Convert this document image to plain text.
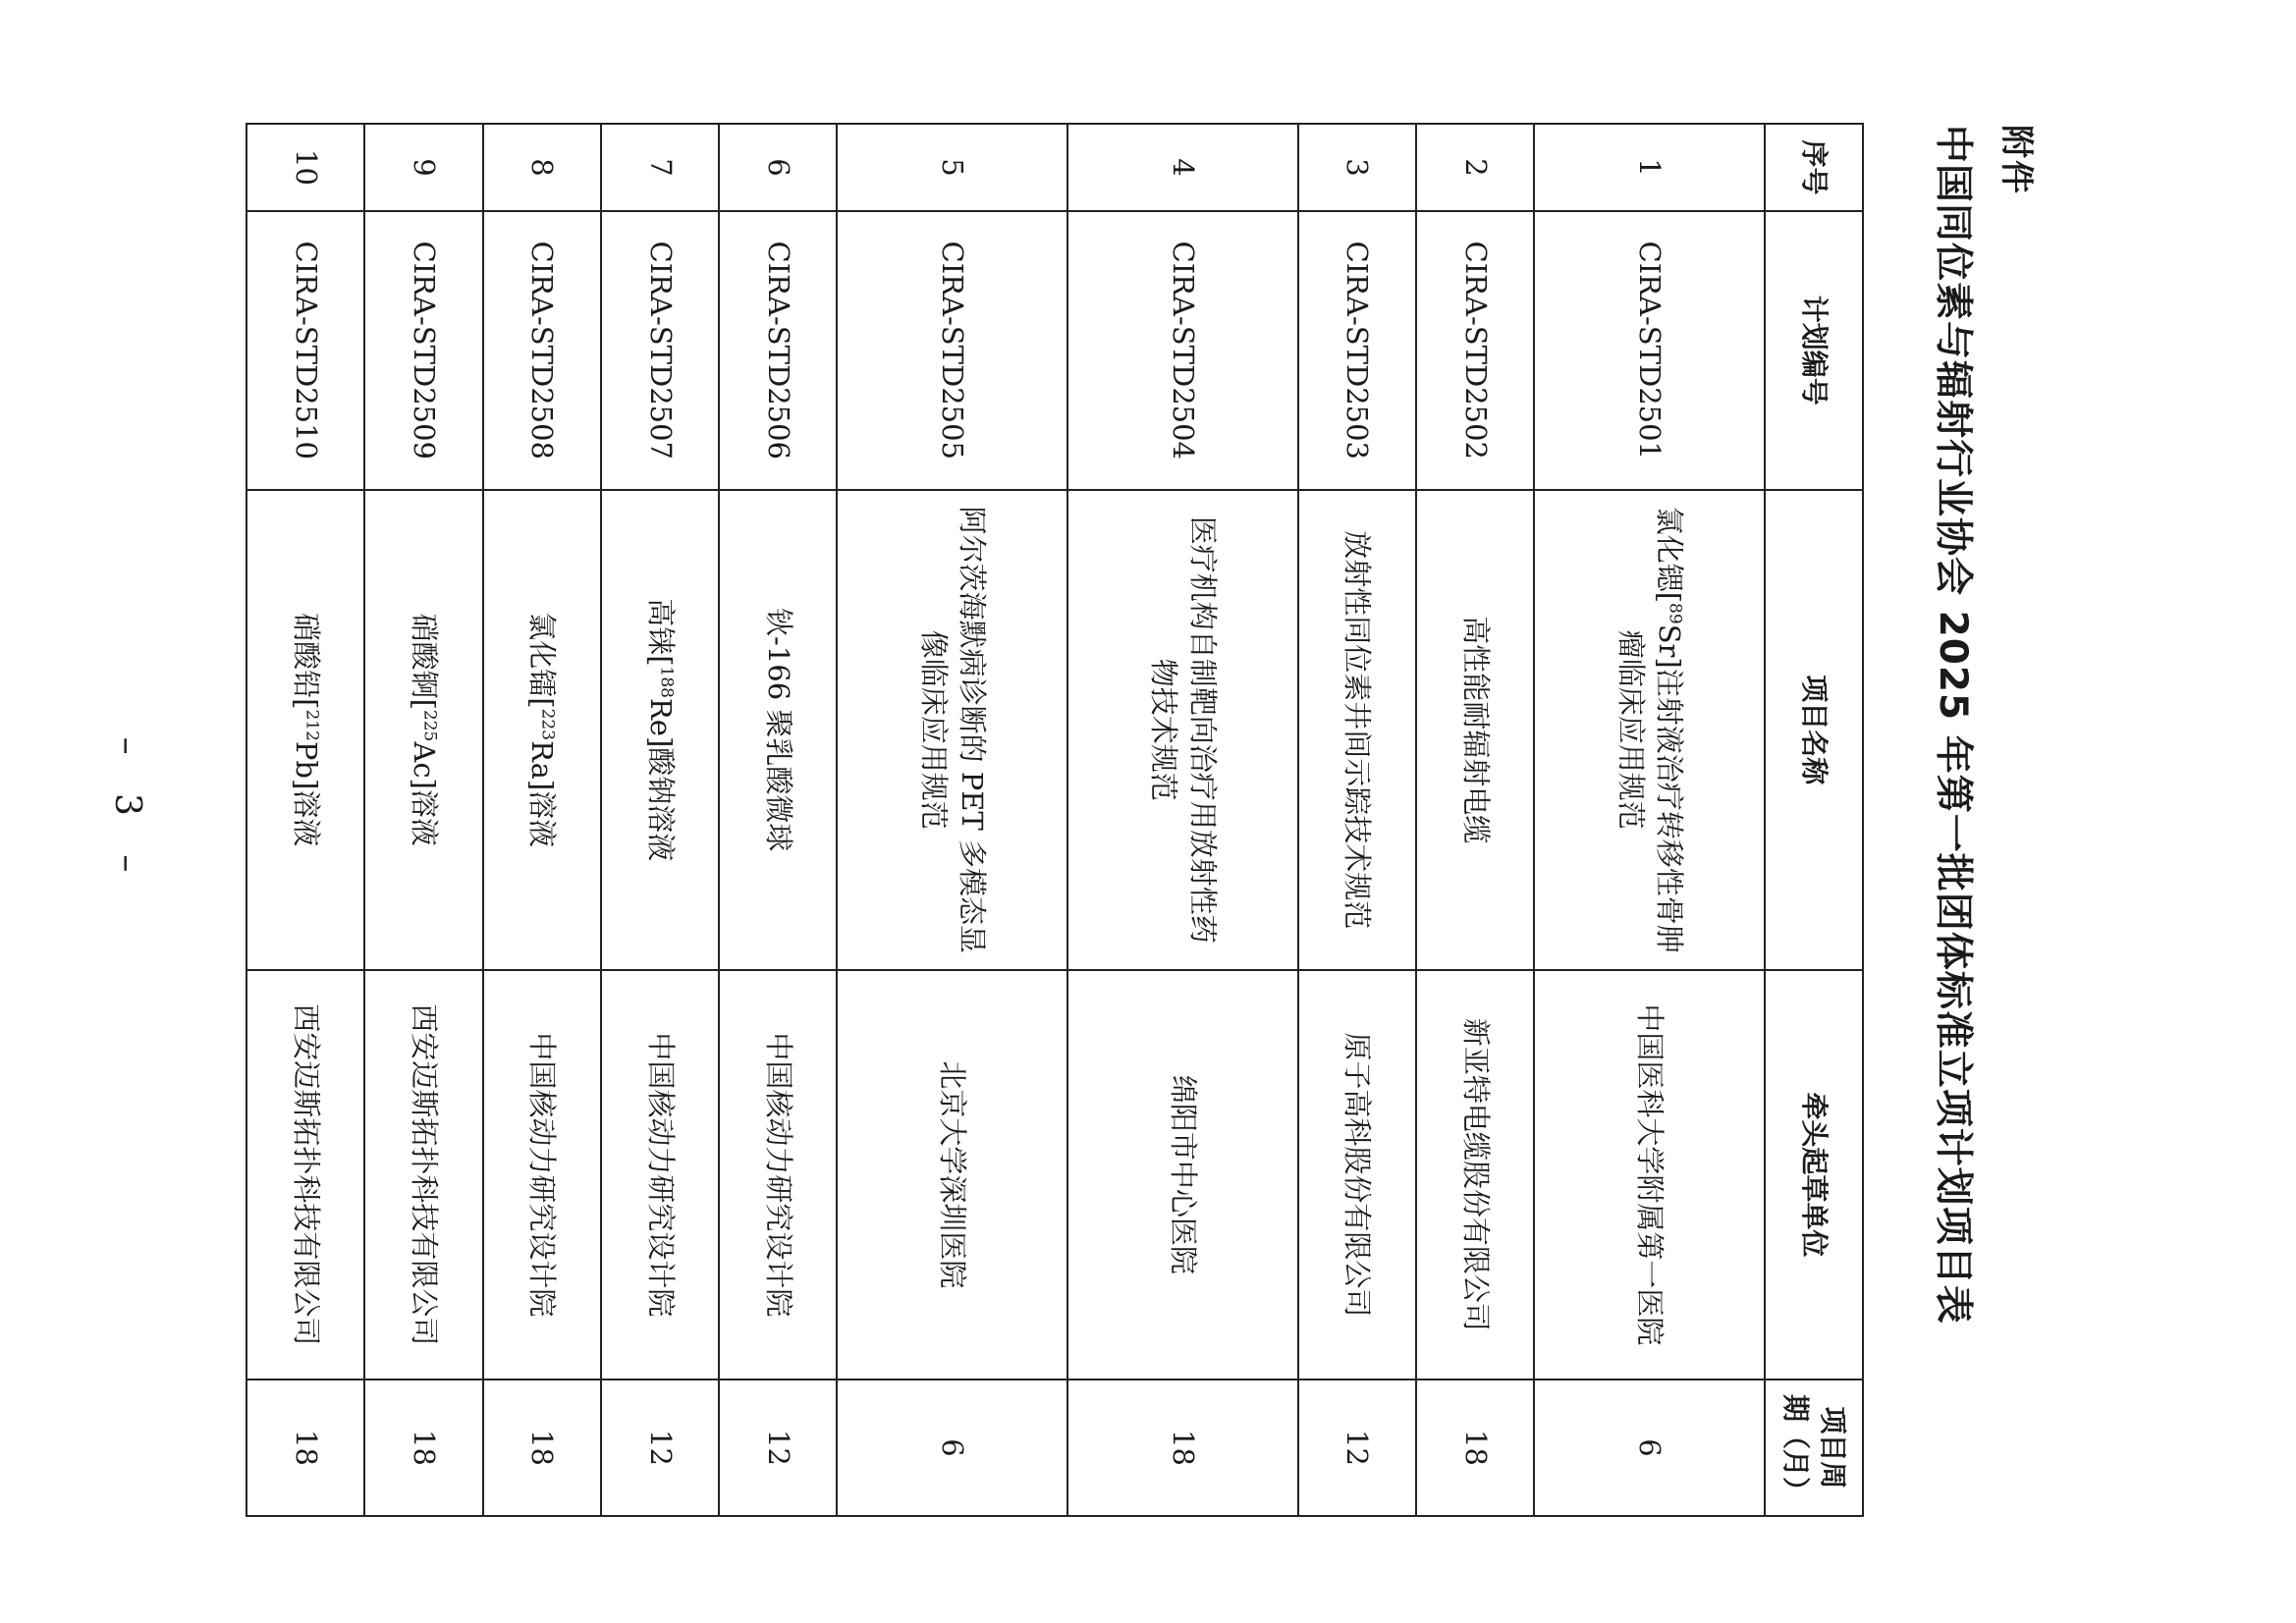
附件
中国同位素与辐射行业协会 2025 年第一批团体标准立项计划项目表
序号	计划编号	项目名称	牵头起草单位	项目周期（月）
1	CIRA-STD2501	氯化锶[$^{89}$Sr]注射液治疗转移性骨肿瘤临床应用规范	中国医科大学附属第一医院	6
2	CIRA-STD2502	高性能耐辐射电缆	新亚特电缆股份有限公司	18
3	CIRA-STD2503	放射性同位素井间示踪技术规范	原子高科股份有限公司	12
4	CIRA-STD2504	医疗机构自制靶向治疗用放射性药物技术规范	绵阳市中心医院	18
5	CIRA-STD2505	阿尔茨海默病诊断的 PET 多模态显像临床应用规范	北京大学深圳医院	6
6	CIRA-STD2506	钬-166 聚乳酸微球	中国核动力研究设计院	12
7	CIRA-STD2507	高铼[$^{188}$Re]酸钠溶液	中国核动力研究设计院	12
8	CIRA-STD2508	氯化镭[$^{223}$Ra]溶液	中国核动力研究设计院	18
9	CIRA-STD2509	硝酸锕[$^{225}$Ac]溶液	西安迈斯拓扑科技有限公司	18
10	CIRA-STD2510	硝酸铅[$^{212}$Pb]溶液	西安迈斯拓扑科技有限公司	18
– 3 –
